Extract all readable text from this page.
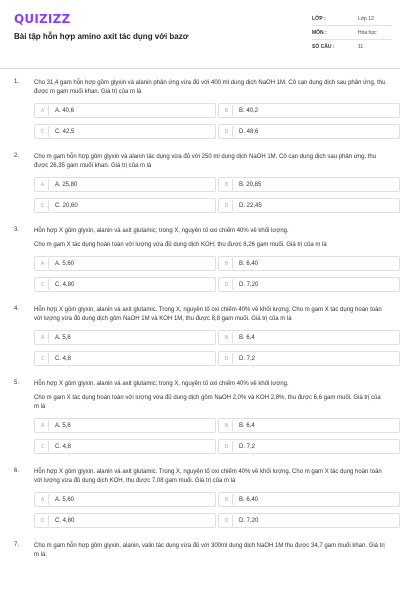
QUIZIZZ
Bài tập hỗn hợp amino axit tác dụng với bazơ
LỚP :	Lớp 12
MÔN :	Hóa học
SỐ CÂU :	11
1. Cho 31,4 gam hỗn hợp gồm glyxin và alanin phản ứng vừa đủ với 400 ml dung dịch NaOH 1M. Cô cạn dung dịch sau phản ứng, thu được m gam muối khan. Giá trị của m là
A	A. 40,6	B	B. 40,2
C	C. 42,5	D	D. 48,6
2. Cho m gam hỗn hợp gồm glyxin và alanin tác dụng vừa đủ với 250 ml dung dịch NaOH 1M. Cô cạn dung dịch sau phản ứng, thu được 26,35 gam muối khan. Giá trị của m là
A	A. 25,80	B	B. 20,85
C	C. 20,60	D	D. 22,45
3. Hỗn hợp X gồm glyxin, alanin và axit glutamic; trong X, nguyên tố oxi chiếm 40% về khối lượng.
Cho m gam X tác dụng hoàn toàn với lượng vừa đủ dung dịch KOH, thu được 8,26 gam muối. Giá trị của m là
A	A. 5,60	B	B. 6,40
C	C. 4,80	D	D. 7,20
4. Hỗn hợp X gồm glyxin, alanin và axit glutamic. Trong X, nguyên tố oxi chiếm 40% về khối lượng. Cho m gam X tác dụng hoàn toàn với lượng vừa đủ dung dịch gồm NaOH 1M và KOH 1M, thu được 8,8 gam muối. Giá trị của m là
A	A. 5,6	B	B. 6,4
C	C. 4,8	D	D. 7,2
5. Hỗn hợp X gồm glyxin, alanin và axit glutamic; trong X, nguyên tố oxi chiếm 40% về khối lượng.
Cho m gam X tác dụng hoàn toàn với lượng vừa đủ dung dịch gồm NaOH 2,0% và KOH 2,8%, thu được 6,6 gam muối. Giá trị của m là
A	A. 5,6	B	B. 6,4
C	C. 4,8	D	D. 7,2
6. Hỗn hợp X gồm glyxin, alanin và axit glutamic. Trong X, nguyên tố oxi chiếm 40% về khối lượng. Cho m gam X tác dụng hoàn toàn với lượng vừa đủ dung dịch KOH, thu được 7,08 gam muối. Giá trị của m là
A	A. 5,60	B	B. 6,40
C	C. 4,80	D	D. 7,20
7. Cho m gam hỗn hợp gồm glyxin, alanin, valin tác dụng vừa đủ với 300ml dung dịch NaOH 1M thu được 34,7 gam muối khan. Giá trị m là:
